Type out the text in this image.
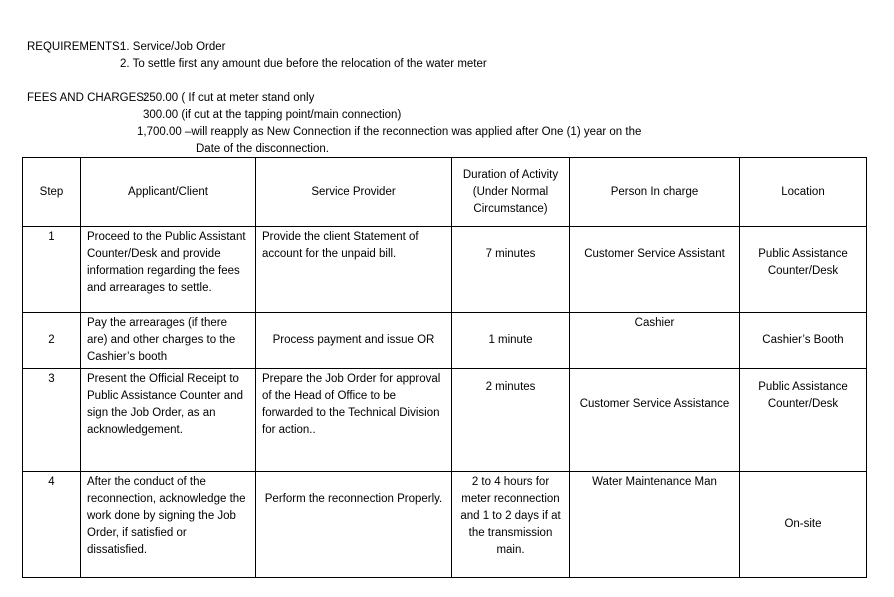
REQUIREMENTS:
1. Service/Job Order
2. To settle first any amount due before the relocation of the water meter
FEES AND CHARGES:
250.00 ( If cut at meter stand only
300.00 (if cut at the tapping point/main connection)
1,700.00 –will reapply as New Connection if the reconnection was applied after One (1) year on the
Date of the disconnection.
Step	Applicant/Client	Service Provider	Duration of Activity (Under Normal Circumstance)	Person In charge	Location
1	Proceed to the Public Assistant Counter/Desk and provide information regarding the fees and arrearages to settle.	Provide the client Statement of account for the unpaid bill.	7 minutes	Customer Service Assistant	Public Assistance Counter/Desk
2	Pay the arrearages (if there are) and other charges to the Cashier’s booth	Process payment and issue OR	1 minute	Cashier	Cashier’s Booth
3	Present the Official Receipt to Public Assistance Counter and sign the Job Order, as an acknowledgement.	Prepare the Job Order for approval of the Head of Office to be forwarded to the Technical Division for action..	2 minutes	Customer Service Assistance	Public Assistance Counter/Desk
4	After the conduct of the reconnection, acknowledge the work done by signing the Job Order, if satisfied or dissatisfied.	Perform the reconnection Properly.	2 to 4 hours for meter reconnection and 1 to 2 days if at the transmission main.	Water Maintenance Man	On-site
